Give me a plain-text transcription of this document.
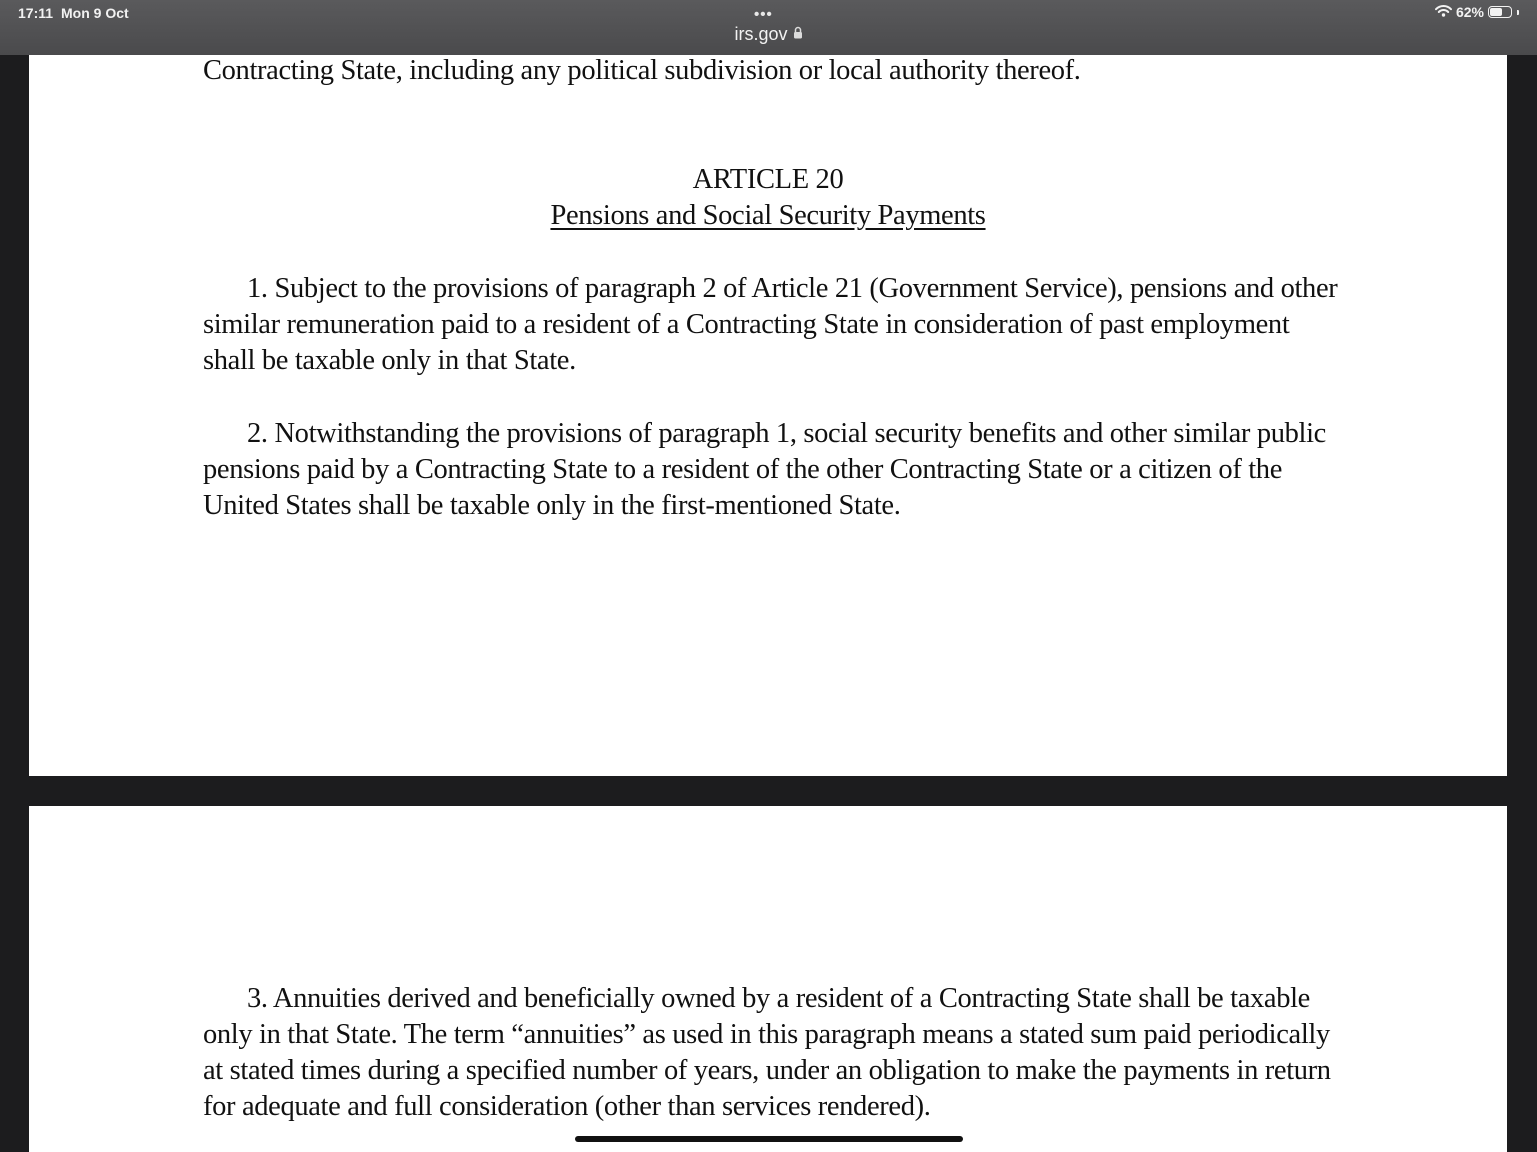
17:11 Mon 9 Oct	•••
irs.gov
62%
Contracting State, including any political subdivision or local authority thereof.
ARTICLE 20
Pensions and Social Security Payments
1. Subject to the provisions of paragraph 2 of Article 21 (Government Service), pensions and other similar remuneration paid to a resident of a Contracting State in consideration of past employment shall be taxable only in that State.
2. Notwithstanding the provisions of paragraph 1, social security benefits and other similar public pensions paid by a Contracting State to a resident of the other Contracting State or a citizen of the United States shall be taxable only in the first-mentioned State.
3. Annuities derived and beneficially owned by a resident of a Contracting State shall be taxable only in that State. The term “annuities” as used in this paragraph means a stated sum paid periodically at stated times during a specified number of years, under an obligation to make the payments in return for adequate and full consideration (other than services rendered).
